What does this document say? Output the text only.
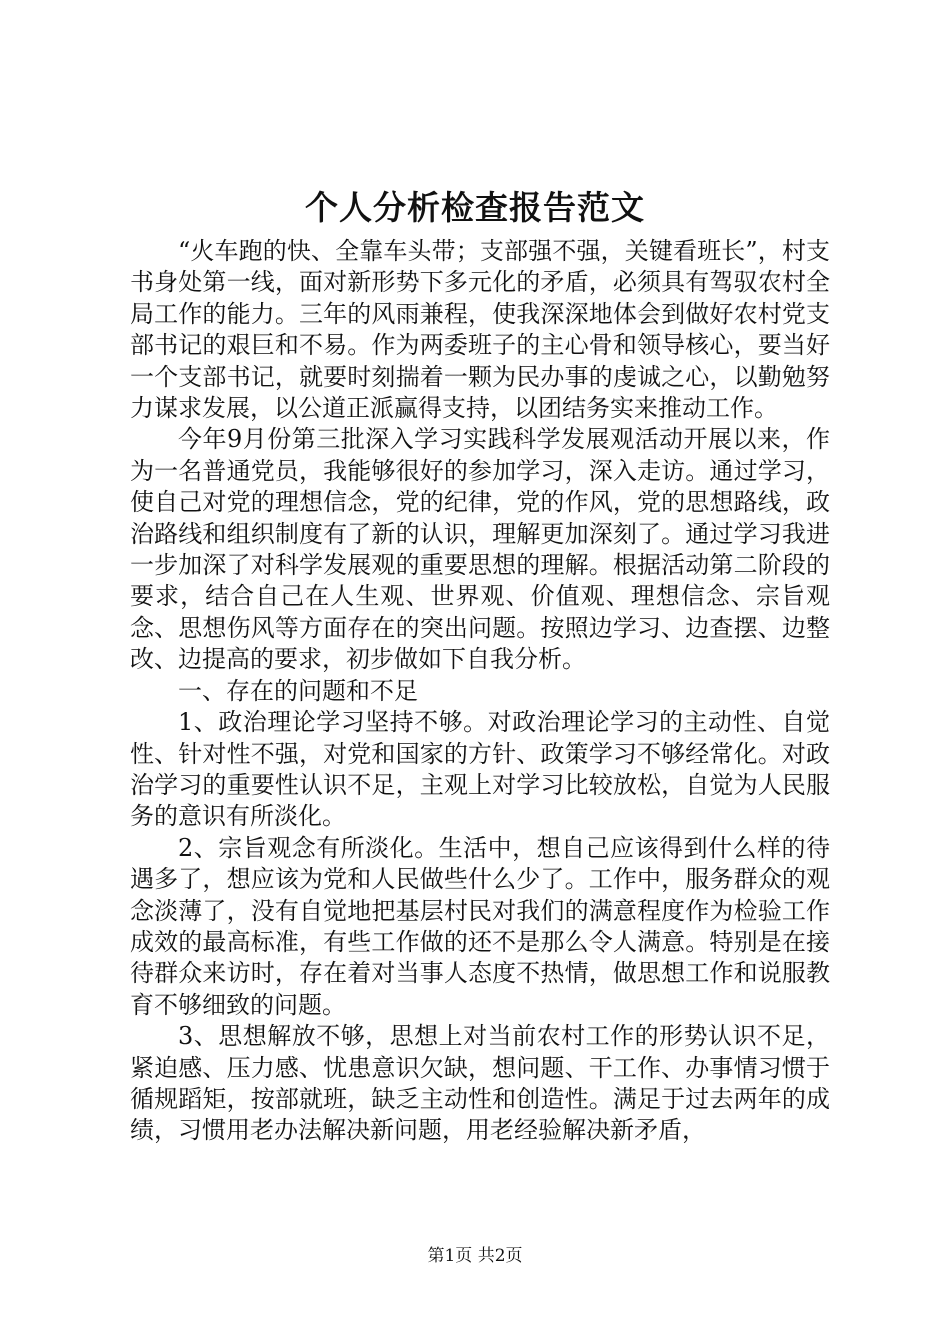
个人分析检查报告范文

“火车跑的快、全靠车头带；支部强不强，关键看班长”，村支书身处第一线，面对新形势下多元化的矛盾，必须具有驾驭农村全局工作的能力。三年的风雨兼程，使我深深地体会到做好农村党支部书记的艰巨和不易。作为两委班子的主心骨和领导核心，要当好一个支部书记，就要时刻揣着一颗为民办事的虔诚之心，以勤勉努力谋求发展，以公道正派赢得支持，以团结务实来推动工作。

今年9月份第三批深入学习实践科学发展观活动开展以来，作为一名普通党员，我能够很好的参加学习，深入走访。通过学习，使自己对党的理想信念，党的纪律，党的作风，党的思想路线，政治路线和组织制度有了新的认识，理解更加深刻了。通过学习我进一步加深了对科学发展观的重要思想的理解。根据活动第二阶段的要求，结合自己在人生观、世界观、价值观、理想信念、宗旨观念、思想伤风等方面存在的突出问题。按照边学习、边查摆、边整改、边提高的要求，初步做如下自我分析。

一、存在的问题和不足

1、政治理论学习坚持不够。对政治理论学习的主动性、自觉性、针对性不强，对党和国家的方针、政策学习不够经常化。对政治学习的重要性认识不足，主观上对学习比较放松，自觉为人民服务的意识有所淡化。

2、宗旨观念有所淡化。生活中，想自己应该得到什么样的待遇多了，想应该为党和人民做些什么少了。工作中，服务群众的观念淡薄了，没有自觉地把基层村民对我们的满意程度作为检验工作成效的最高标准，有些工作做的还不是那么令人满意。特别是在接待群众来访时，存在着对当事人态度不热情，做思想工作和说服教育不够细致的问题。

3、思想解放不够，思想上对当前农村工作的形势认识不足，紧迫感、压力感、忧患意识欠缺，想问题、干工作、办事情习惯于循规蹈矩，按部就班，缺乏主动性和创造性。满足于过去两年的成绩，习惯用老办法解决新问题，用老经验解决新矛盾，

第1页 共2页
